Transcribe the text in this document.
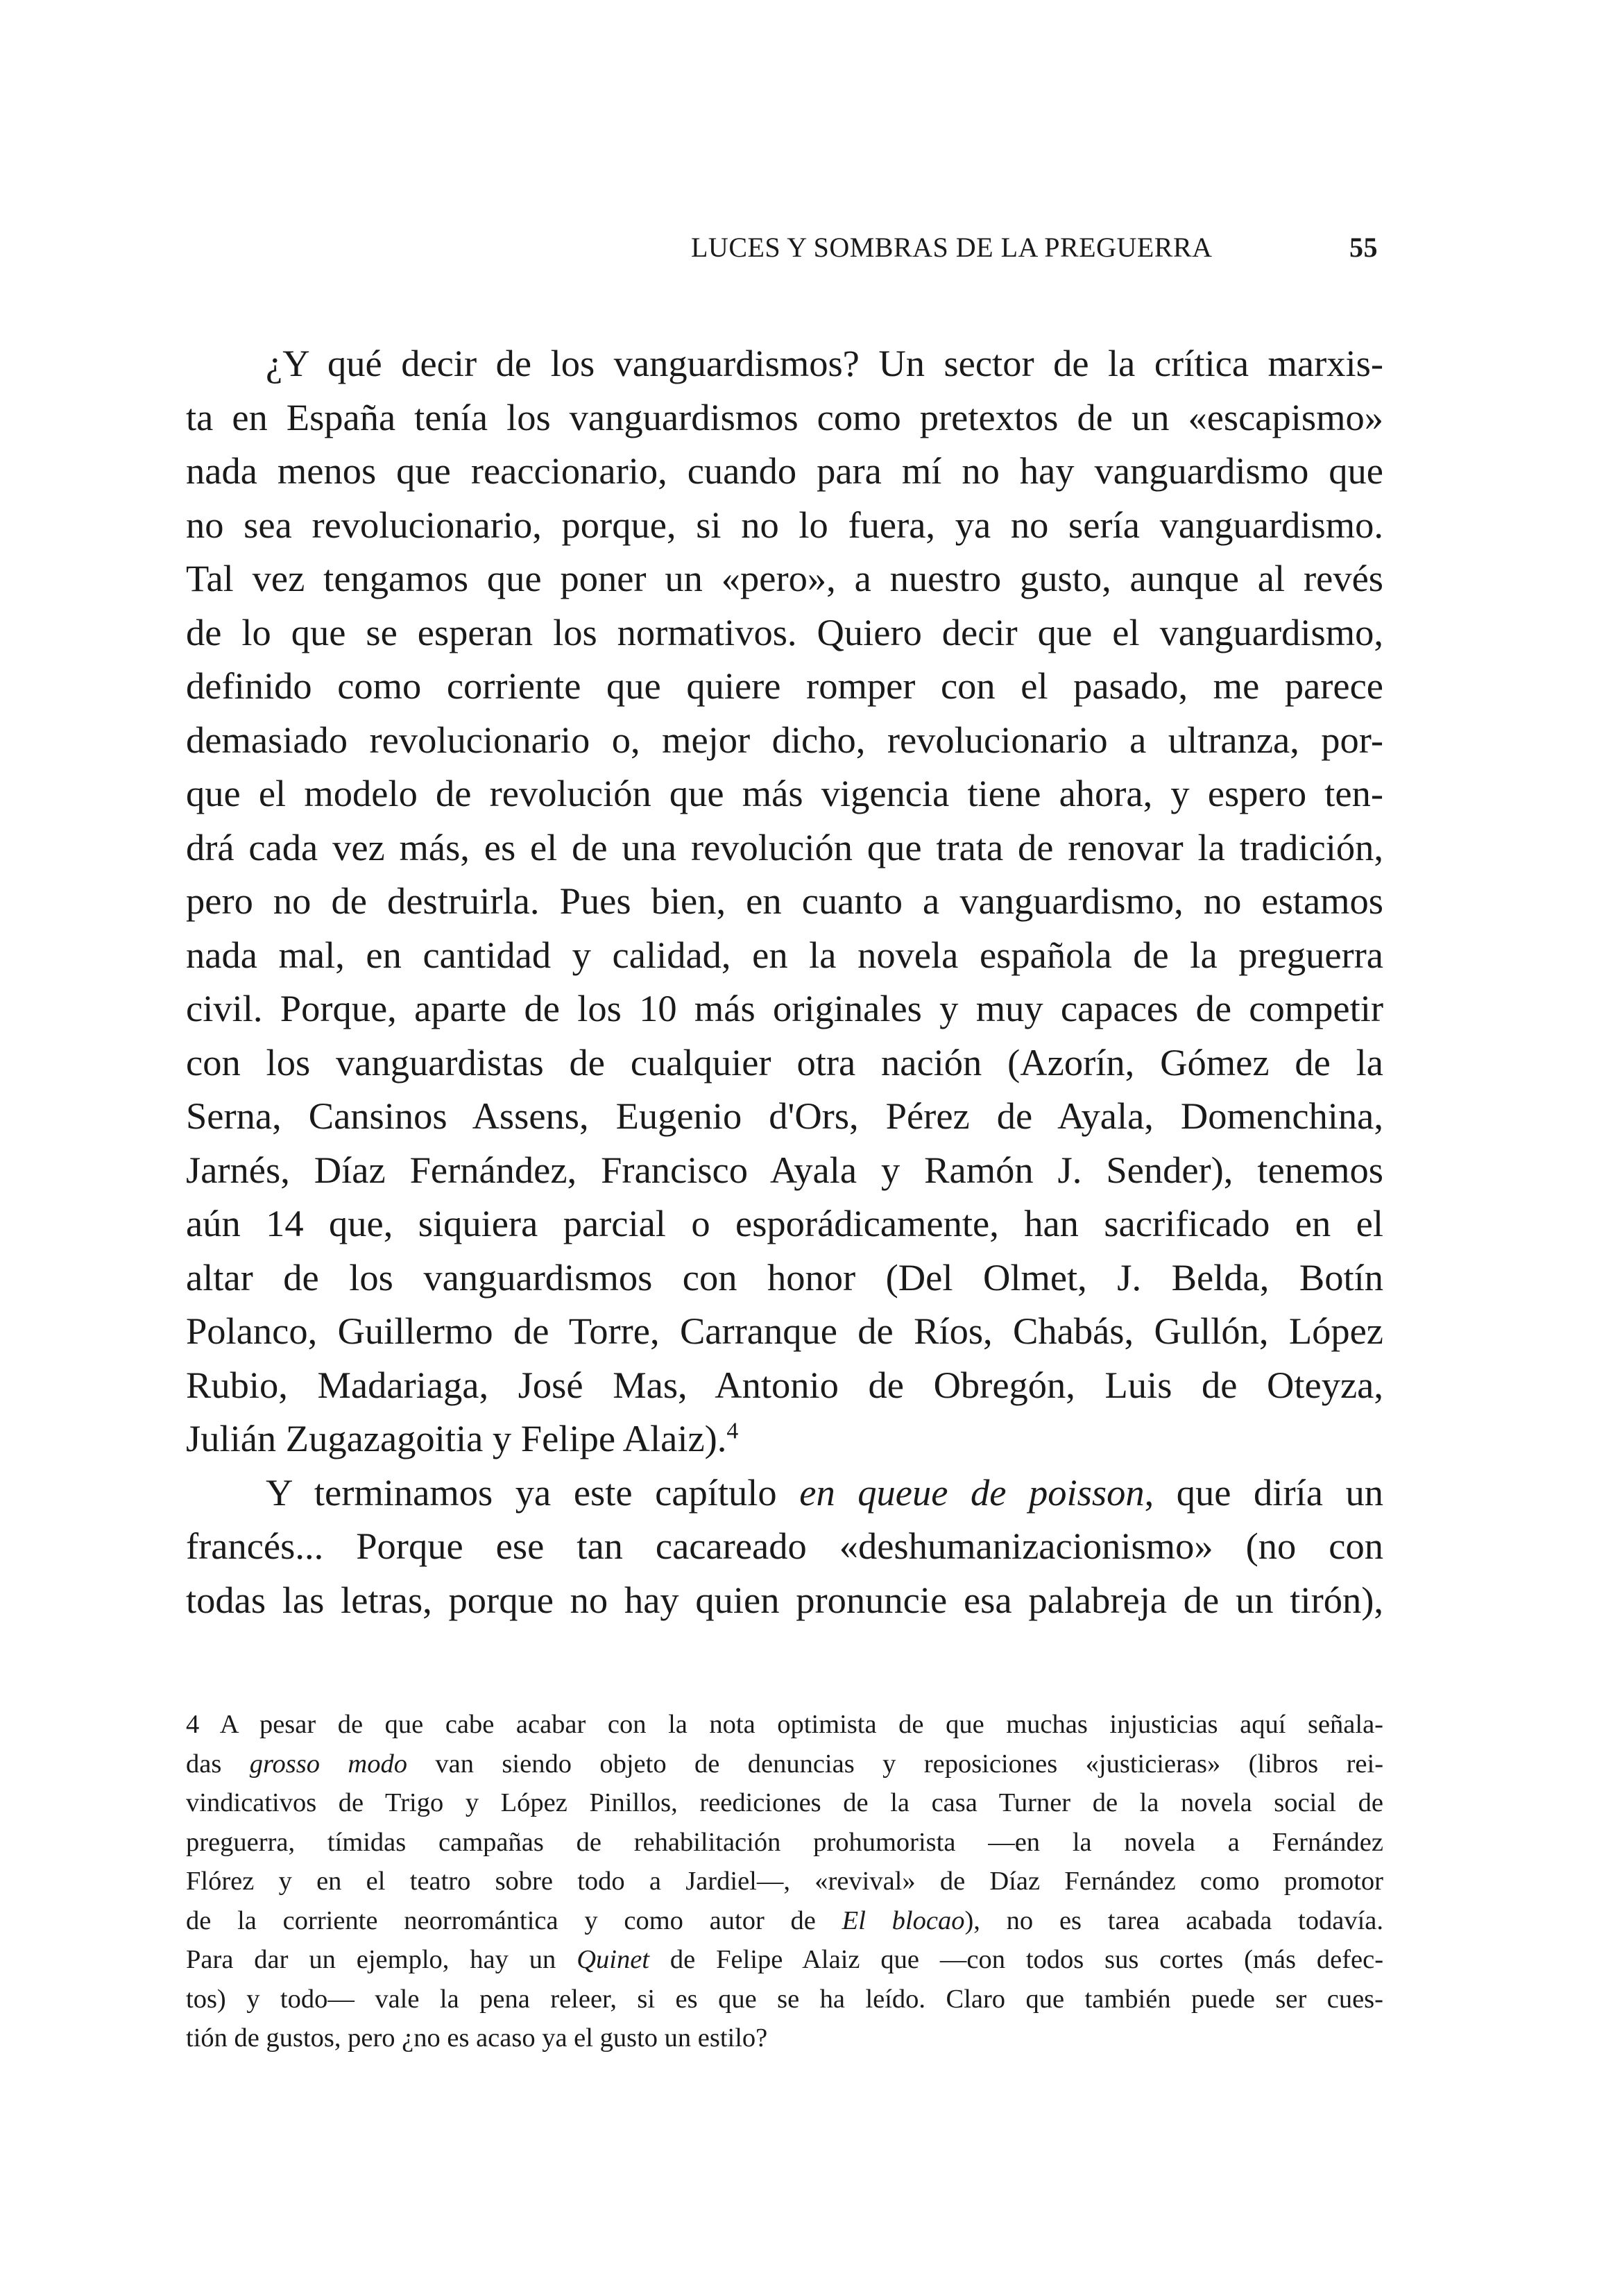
LUCES Y SOMBRAS DE LA PREGUERRA	55
¿Y qué decir de los vanguardismos? Un sector de la crítica marxis-
ta en España tenía los vanguardismos como pretextos de un «escapismo»
nada menos que reaccionario, cuando para mí no hay vanguardismo que
no sea revolucionario, porque, si no lo fuera, ya no sería vanguardismo.
Tal vez tengamos que poner un «pero», a nuestro gusto, aunque al revés
de lo que se esperan los normativos. Quiero decir que el vanguardismo,
definido como corriente que quiere romper con el pasado, me parece
demasiado revolucionario o, mejor dicho, revolucionario a ultranza, por-
que el modelo de revolución que más vigencia tiene ahora, y espero ten-
drá cada vez más, es el de una revolución que trata de renovar la tradición,
pero no de destruirla. Pues bien, en cuanto a vanguardismo, no estamos
nada mal, en cantidad y calidad, en la novela española de la preguerra
civil. Porque, aparte de los 10 más originales y muy capaces de competir
con los vanguardistas de cualquier otra nación (Azorín, Gómez de la
Serna, Cansinos Assens, Eugenio d'Ors, Pérez de Ayala, Domenchina,
Jarnés, Díaz Fernández, Francisco Ayala y Ramón J. Sender), tenemos
aún 14 que, siquiera parcial o esporádicamente, han sacrificado en el
altar de los vanguardismos con honor (Del Olmet, J. Belda, Botín
Polanco, Guillermo de Torre, Carranque de Ríos, Chabás, Gullón, López
Rubio, Madariaga, José Mas, Antonio de Obregón, Luis de Oteyza,
Julián Zugazagoitia y Felipe Alaiz).$^4$
Y terminamos ya este capítulo en queue de poisson, que diría un
francés... Porque ese tan cacareado «deshumanizacionismo» (no con
todas las letras, porque no hay quien pronuncie esa palabreja de un tirón),
4 A pesar de que cabe acabar con la nota optimista de que muchas injusticias aquí señala-
das grosso modo van siendo objeto de denuncias y reposiciones «justicieras» (libros rei-
vindicativos de Trigo y López Pinillos, reediciones de la casa Turner de la novela social de
preguerra, tímidas campañas de rehabilitación prohumorista —en la novela a Fernández
Flórez y en el teatro sobre todo a Jardiel—, «revival» de Díaz Fernández como promotor
de la corriente neorromántica y como autor de El blocao), no es tarea acabada todavía.
Para dar un ejemplo, hay un Quinet de Felipe Alaiz que —con todos sus cortes (más defec-
tos) y todo— vale la pena releer, si es que se ha leído. Claro que también puede ser cues-
tión de gustos, pero ¿no es acaso ya el gusto un estilo?
